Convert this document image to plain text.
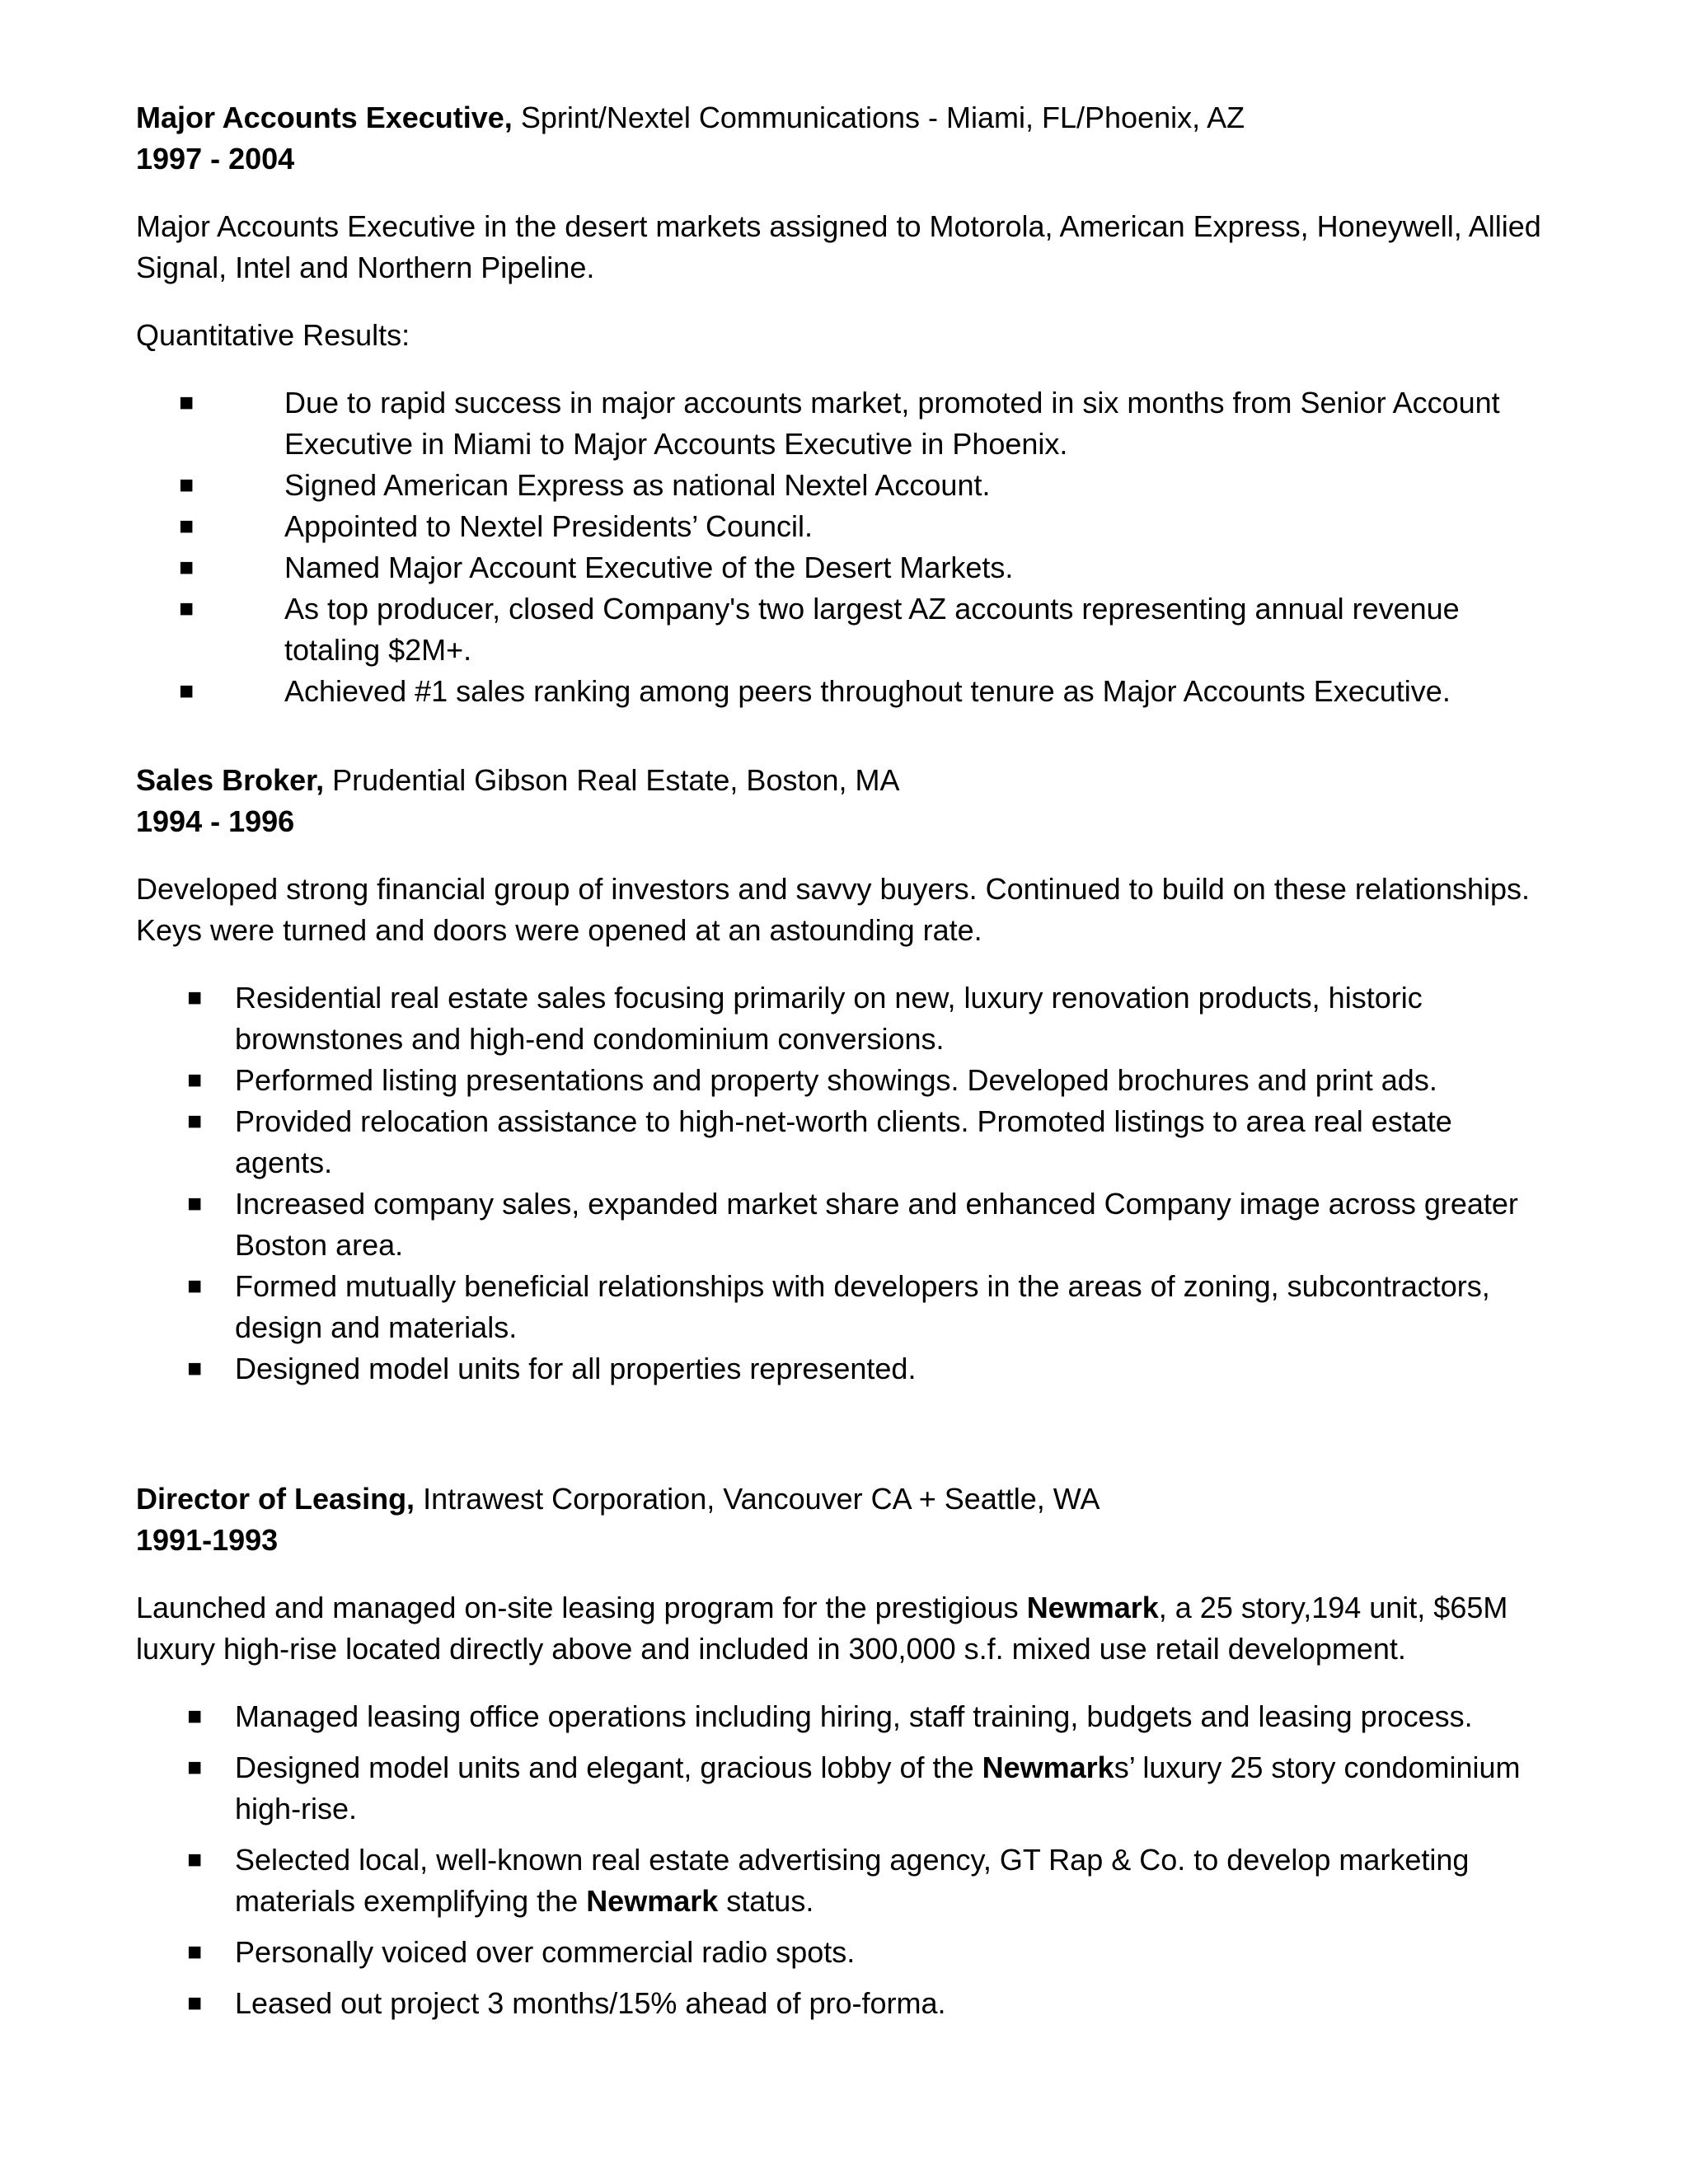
Major Accounts Executive, Sprint/Nextel Communications - Miami, FL/Phoenix, AZ

1997 - 2004

Major Accounts Executive in the desert markets assigned to Motorola, American Express, Honeywell, Allied Signal, Intel and Northern Pipeline.

Quantitative Results:

■	Due to rapid success in major accounts market, promoted in six months from Senior Account Executive in Miami to Major Accounts Executive in Phoenix.
■	Signed American Express as national Nextel Account.
■	Appointed to Nextel Presidents’ Council.
■	Named Major Account Executive of the Desert Markets.
■	As top producer, closed Company's two largest AZ accounts representing annual revenue totaling $2M+.
■	Achieved #1 sales ranking among peers throughout tenure as Major Accounts Executive.

Sales Broker, Prudential Gibson Real Estate, Boston, MA

1994 - 1996

Developed strong financial group of investors and savvy buyers. Continued to build on these relationships. Keys were turned and doors were opened at an astounding rate.

■ Residential real estate sales focusing primarily on new, luxury renovation products, historic brownstones and high-end condominium conversions.
■ Performed listing presentations and property showings. Developed brochures and print ads.
■ Provided relocation assistance to high-net-worth clients. Promoted listings to area real estate agents.
■ Increased company sales, expanded market share and enhanced Company image across greater Boston area.
■ Formed mutually beneficial relationships with developers in the areas of zoning, subcontractors, design and materials.
■ Designed model units for all properties represented.

Director of Leasing, Intrawest Corporation, Vancouver CA + Seattle, WA

1991-1993

Launched and managed on-site leasing program for the prestigious Newmark, a 25 story,194 unit, $65M luxury high-rise located directly above and included in 300,000 s.f. mixed use retail development.

■ Managed leasing office operations including hiring, staff training, budgets and leasing process.
■ Designed model units and elegant, gracious lobby of the Newmarks’ luxury 25 story condominium high-rise.
■ Selected local, well-known real estate advertising agency, GT Rap & Co. to develop marketing materials exemplifying the Newmark status.
■ Personally voiced over commercial radio spots.
■ Leased out project 3 months/15% ahead of pro-forma.
